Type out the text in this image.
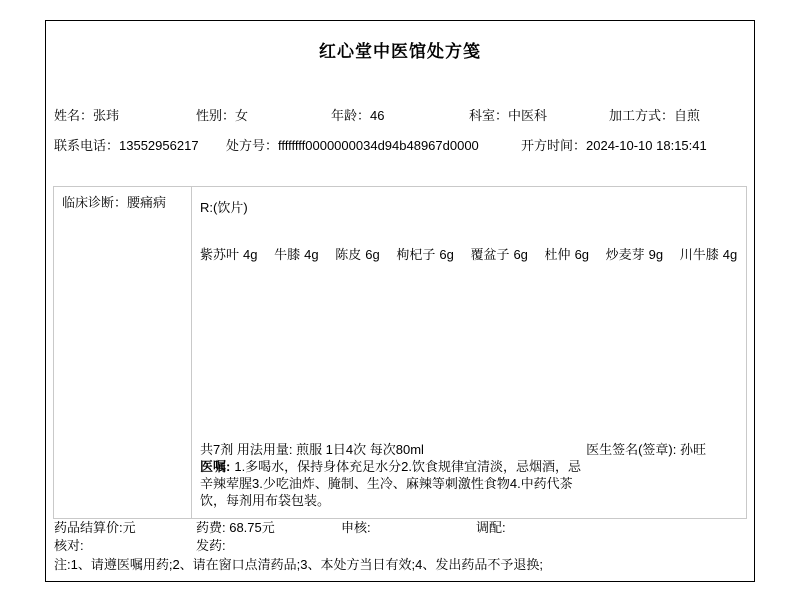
红心堂中医馆处方笺
姓名：张玮	性别：女	年龄：46	科室：中医科	加工方式：自煎
联系电话：13552956217	处方号：ffffffff0000000034d94b48967d0000	开方时间：2024-10-10 18:15:41
临床诊断：腰痛病	R:(饮片)
紫苏叶 4g 牛膝 4g 陈皮 6g 枸杞子 6g 覆盆子 6g 杜仲 6g 炒麦芽 9g 川牛膝 4g
共7剂 用法用量: 煎服 1日4次 每次80ml	医生签名(签章): 孙旺
医嘱: 1.多喝水，保持身体充足水分2.饮食规律宜清淡，忌烟酒，忌
辛辣荤腥3.少吃油炸、腌制、生冷、麻辣等刺激性食物4.中药代茶
饮，每剂用布袋包装。
药品结算价:元	药费: 68.75元	申核:	调配:
核对:	发药:
注:1、请遵医嘱用药;2、请在窗口点清药品;3、本处方当日有效;4、发出药品不予退换;
